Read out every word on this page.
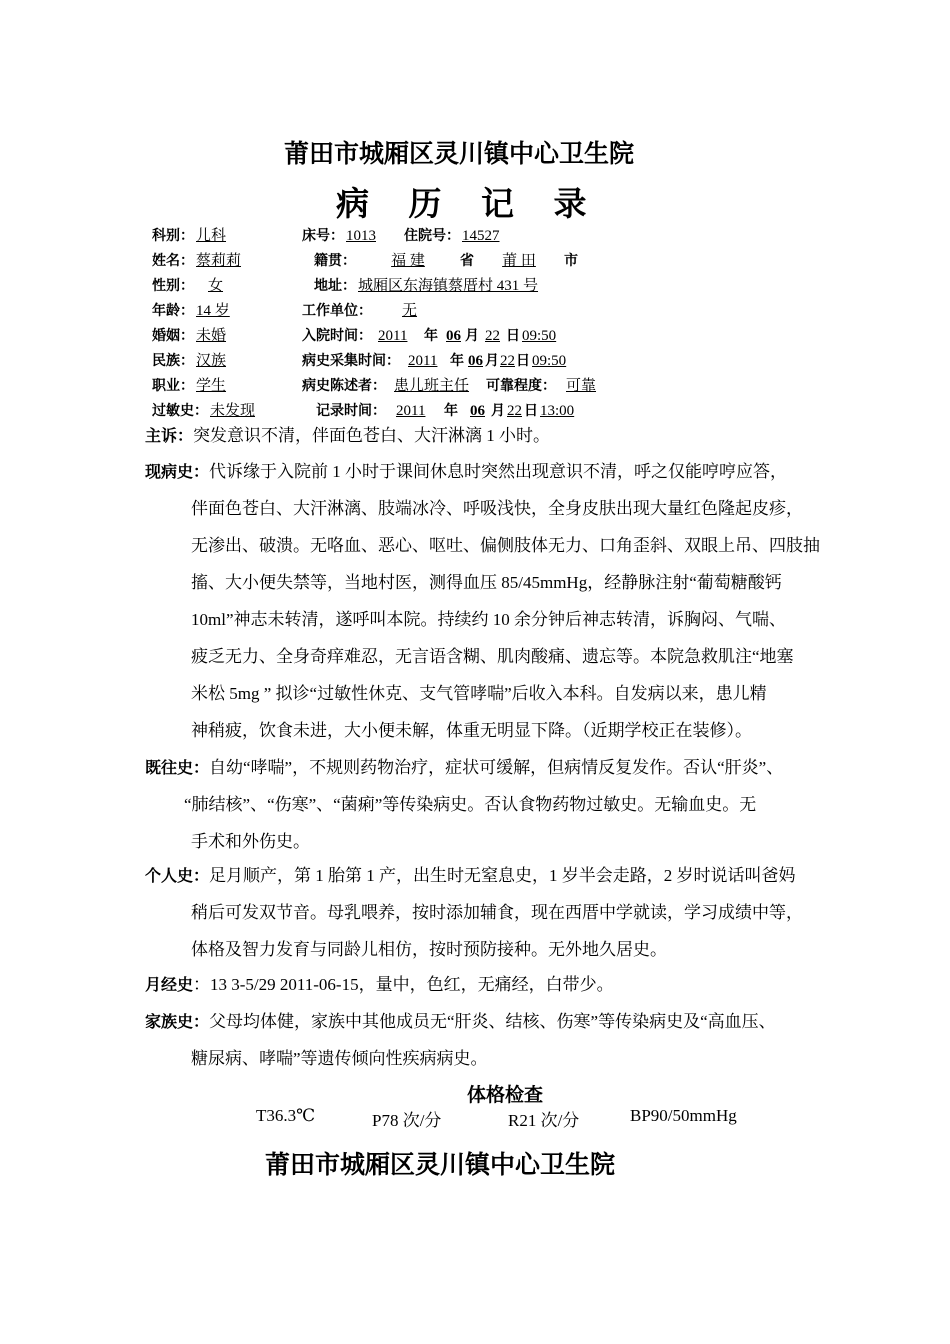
莆田市城厢区灵川镇中心卫生院
病 历 记 录
科别： 儿科	床号： 1013 住院号： 14527
姓名： 蔡莉莉	籍贯： 福 建	省 莆 田 市
性别： 女	地址： 城厢区东海镇蔡厝村 431 号
年龄： 14 岁	工作单位： 无
婚姻： 未婚	入院时间： 2011 年 06 月 22 日 09:50
民族： 汉族	病史采集时间： 2011 年 06 月22日 09:50
职业： 学生	病史陈述者： 患儿班主任 可靠程度： 可靠
过敏史： 未发现	记录时间： 2011 年 06 月 22 日 13:00
主诉：突发意识不清，伴面色苍白、大汗淋漓 1 小时。
现病史：代诉缘于入院前 1 小时于课间休息时突然出现意识不清，呼之仅能哼哼应答，
伴面色苍白、大汗淋漓、肢端冰冷、呼吸浅快，全身皮肤出现大量红色隆起皮疹，
无渗出、破溃。无咯血、恶心、呕吐、偏侧肢体无力、口角歪斜、双眼上吊、四肢抽
搐、大小便失禁等，当地村医，测得血压 85/45mmHg，经静脉注射“葡萄糖酸钙
10ml”神志未转清，遂呼叫本院。持续约 10 余分钟后神志转清，诉胸闷、气喘、
疲乏无力、全身奇痒难忍，无言语含糊、肌肉酸痛、遗忘等。本院急救肌注“地塞
米松 5mg ” 拟诊“过敏性休克、支气管哮喘”后收入本科。自发病以来，患儿精
神稍疲，饮食未进，大小便未解，体重无明显下降。（近期学校正在装修）。
既往史：自幼“哮喘”，不规则药物治疗，症状可缓解，但病情反复发作。否认“肝炎”、
“肺结核”、“伤寒”、“菌痢”等传染病史。否认食物药物过敏史。无输血史。无
手术和外伤史。
个人史：足月顺产，第 1 胎第 1 产，出生时无窒息史，1 岁半会走路，2 岁时说话叫爸妈
稍后可发双节音。母乳喂养，按时添加辅食，现在西厝中学就读，学习成绩中等，
体格及智力发育与同龄儿相仿，按时预防接种。无外地久居史。
月经史：13 3-5/29 2011-06-15，量中，色红，无痛经，白带少。
家族史：父母均体健，家族中其他成员无“肝炎、结核、伤寒”等传染病史及“高血压、
糖尿病、哮喘”等遗传倾向性疾病病史。
体格检查
T36.3℃	P78 次/分	R21 次/分	BP90/50mmHg
莆田市城厢区灵川镇中心卫生院
